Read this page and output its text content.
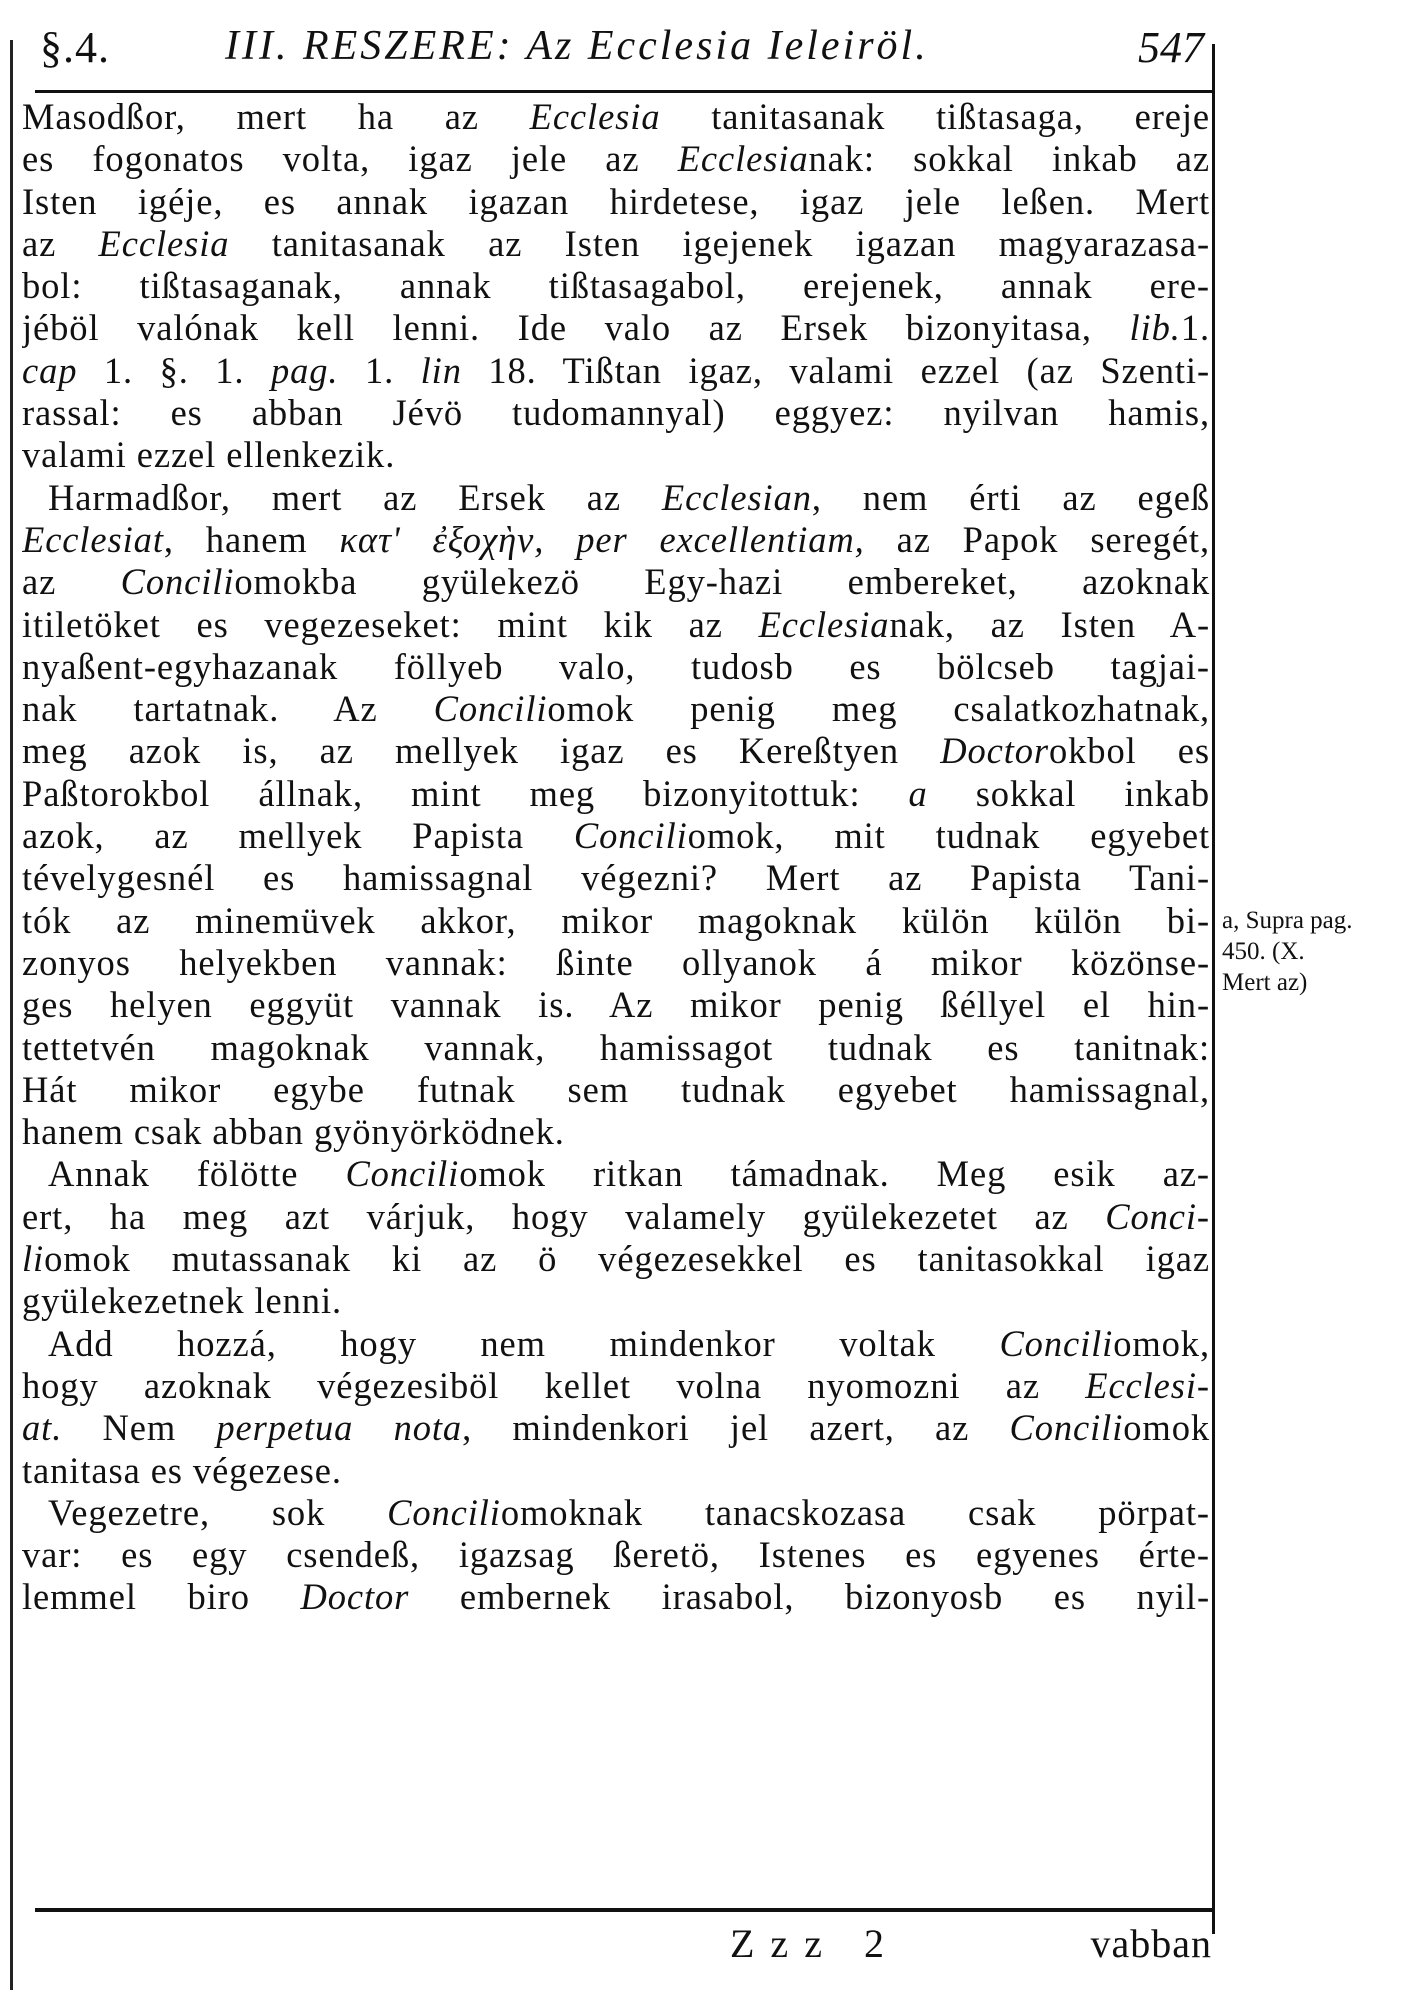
§.4.	III. RESZERE: Az Ecclesia Ieleiröl.	547
Masodßor, mert ha az Ecclesia tanitasanak tißtasaga, ereje
es fogonatos volta, igaz jele az Ecclesianak: sokkal inkab az
Isten igéje, es annak igazan hirdetese, igaz jele leßen. Mert
az Ecclesia tanitasanak az Isten igejenek igazan magyarazasa-
bol: tißtasaganak, annak tißtasagabol, erejenek, annak ere-
jéböl valónak kell lenni. Ide valo az Ersek bizonyitasa, lib.1.
cap 1. §. 1. pag. 1. lin 18. Tißtan igaz, valami ezzel (az Szenti-
rassal: es abban Jévö tudomannyal) eggyez: nyilvan hamis,
valami ezzel ellenkezik.
Harmadßor, mert az Ersek az Ecclesian, nem érti az egeß
Ecclesiat, hanem κατ' ἐξοχὴν, per excellentiam, az Papok seregét,
az Conciliomokba gyülekezö Egy-hazi embereket, azoknak
itiletöket es vegezeseket: mint kik az Ecclesianak, az Isten A-
nyaßent-egyhazanak föllyeb valo, tudosb es bölcseb tagjai-
nak tartatnak. Az Conciliomok penig meg csalatkozhatnak,
meg azok is, az mellyek igaz es Kereßtyen Doctorokbol es
Paßtorokbol állnak, mint meg bizonyitottuk: a sokkal inkab
azok, az mellyek Papista Conciliomok, mit tudnak egyebet
tévelygesnél es hamissagnal végezni? Mert az Papista Tani-
tók az minemüvek akkor, mikor magoknak külön külön bi-
zonyos helyekben vannak: ßinte ollyanok á mikor közönse-
ges helyen eggyüt vannak is. Az mikor penig ßéllyel el hin-
tettetvén magoknak vannak, hamissagot tudnak es tanitnak:
Hát mikor egybe futnak sem tudnak egyebet hamissagnal,
hanem csak abban gyönyörködnek.
Annak fölötte Conciliomok ritkan támadnak. Meg esik az-
ert, ha meg azt várjuk, hogy valamely gyülekezetet az Conci-
liomok mutassanak ki az ö végezesekkel es tanitasokkal igaz
gyülekezetnek lenni.
Add hozzá, hogy nem mindenkor voltak Conciliomok,
hogy azoknak végezesiböl kellet volna nyomozni az Ecclesi-
at. Nem perpetua nota, mindenkori jel azert, az Conciliomok
tanitasa es végezese.
Vegezetre, sok Conciliomoknak tanacskozasa csak pörpat-
var: es egy csendeß, igazsag ßeretö, Istenes es egyenes érte-
lemmel biro Doctor embernek irasabol, bizonyosb es nyil-
a, Supra pag.
450. (X.
Mert az)
Zzz 2	vabban
